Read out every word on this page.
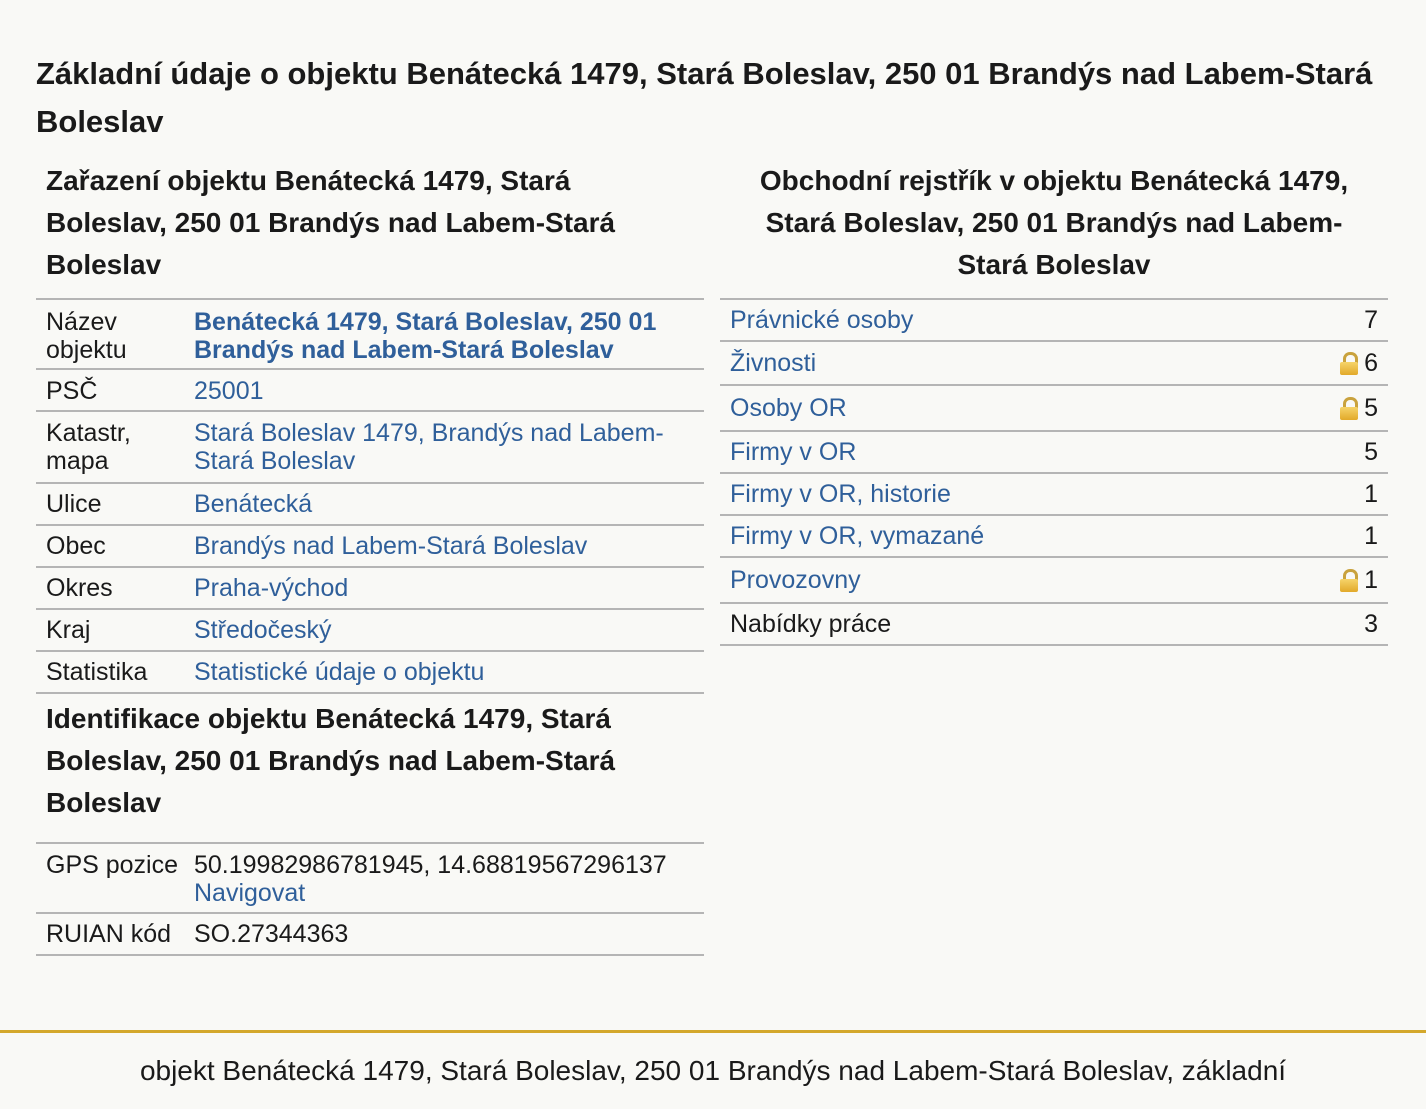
Základní údaje o objektu Benátecká 1479, Stará Boleslav, 250 01 Brandýs nad Labem-Stará Boleslav
Zařazení objektu Benátecká 1479, Stará Boleslav, 250 01 Brandýs nad Labem-Stará Boleslav
Název objektu	Benátecká 1479, Stará Boleslav, 250 01 Brandýs nad Labem-Stará Boleslav
PSČ	25001
Katastr, mapa	Stará Boleslav 1479, Brandýs nad Labem-Stará Boleslav
Ulice	Benátecká
Obec	Brandýs nad Labem-Stará Boleslav
Okres	Praha-východ
Kraj	Středočeský
Statistika	Statistické údaje o objektu
Identifikace objektu Benátecká 1479, Stará Boleslav, 250 01 Brandýs nad Labem-Stará Boleslav
GPS pozice	50.19982986781945, 14.68819567296137
Navigovat
RUIAN kód	SO.27344363
Obchodní rejstřík v objektu Benátecká 1479, Stará Boleslav, 250 01 Brandýs nad Labem-Stará Boleslav
Právnické osoby	7
Živnosti	6
Osoby OR	5
Firmy v OR	5
Firmy v OR, historie	1
Firmy v OR, vymazané	1
Provozovny	1
Nabídky práce	3
objekt Benátecká 1479, Stará Boleslav, 250 01 Brandýs nad Labem-Stará Boleslav, základní
